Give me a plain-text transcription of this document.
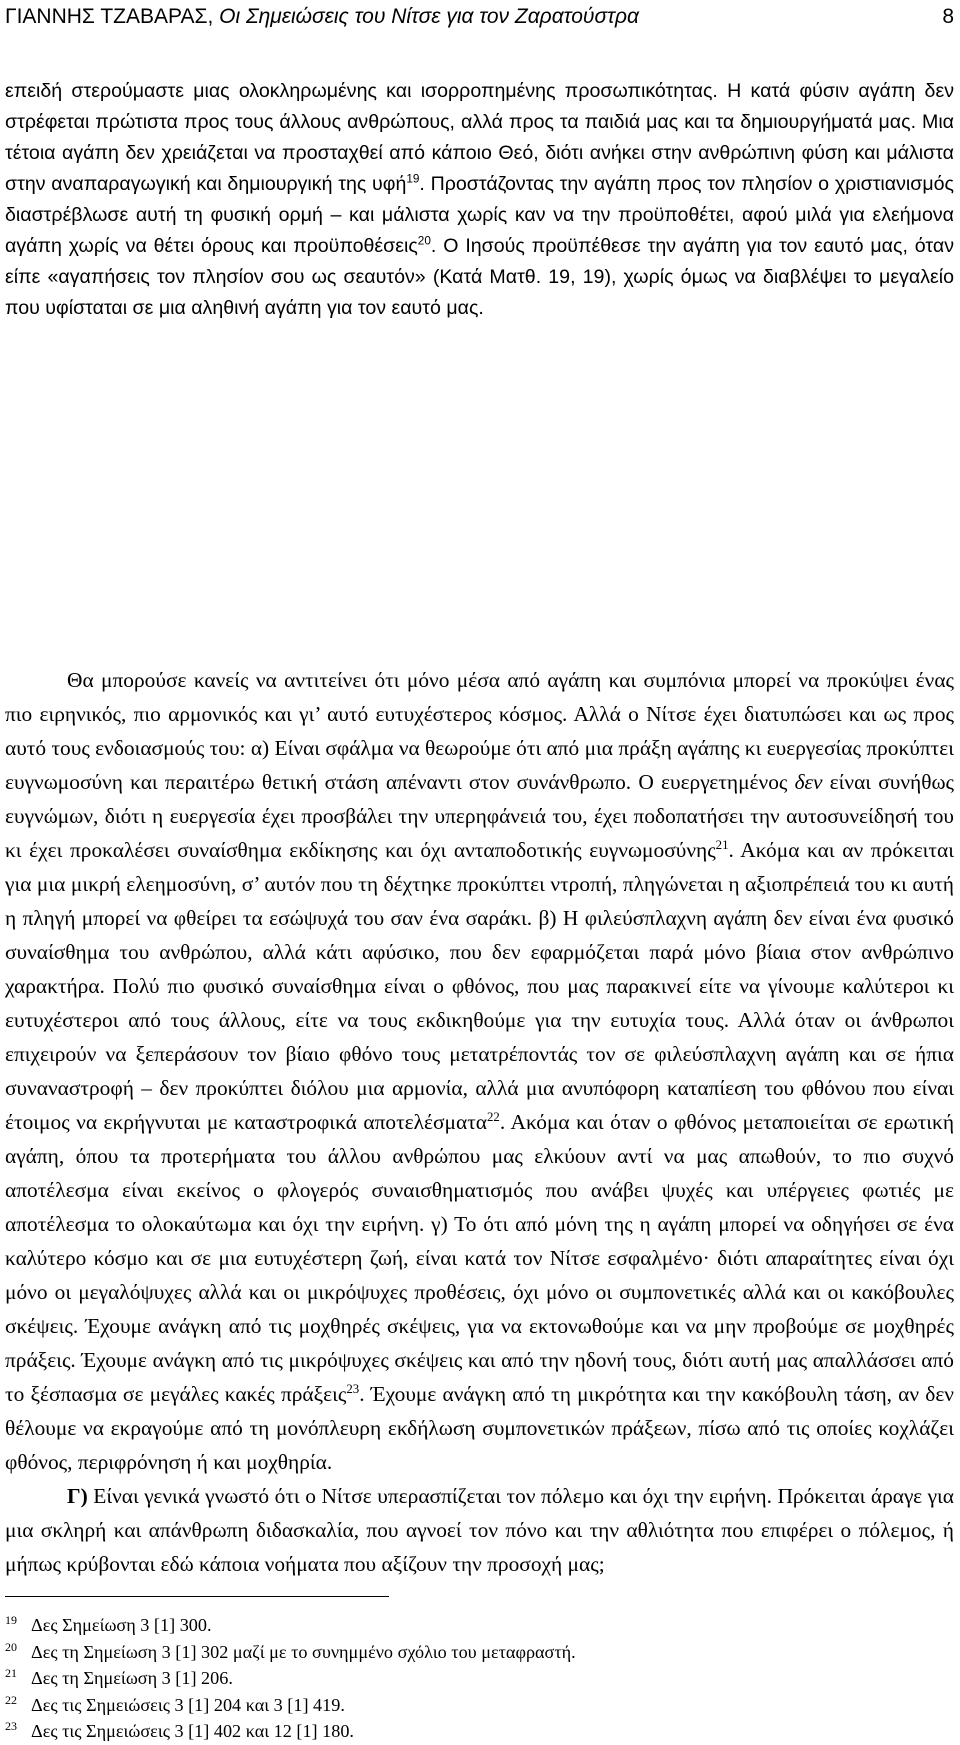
ΓΙΑΝΝΗΣ ΤΖΑΒΑΡΑΣ, Οι Σημειώσεις του Νίτσε για τον Ζαρατούστρα	8

επειδή στερούμαστε μιας ολοκληρωμένης και ισορροπημένης προσωπικότητας. Η κατά φύσιν αγάπη δεν στρέφεται πρώτιστα προς τους άλλους ανθρώπους, αλλά προς τα παιδιά μας και τα δημιουργήματά μας. Μια τέτοια αγάπη δεν χρειάζεται να προσταχθεί από κάποιο Θεό, διότι ανήκει στην ανθρώπινη φύση και μάλιστα στην αναπαραγωγική και δημιουργική της υφή$^{19}$. Προστάζοντας την αγάπη προς τον πλησίον ο χριστιανισμός διαστρέβλωσε αυτή τη φυσική ορμή – και μάλιστα χωρίς καν να την προϋποθέτει, αφού μιλά για ελεήμονα αγάπη χωρίς να θέτει όρους και προϋποθέσεις$^{20}$. Ο Ιησούς προϋπέθεσε την αγάπη για τον εαυτό μας, όταν είπε «αγαπήσεις τον πλησίον σου ως σεαυτόν» (Κατά Ματθ. 19, 19), χωρίς όμως να διαβλέψει το μεγαλείο που υφίσταται σε μια αληθινή αγάπη για τον εαυτό μας.

Θα μπορούσε κανείς να αντιτείνει ότι μόνο μέσα από αγάπη και συμπόνια μπορεί να προκύψει ένας πιο ειρηνικός, πιο αρμονικός και γι’ αυτό ευτυχέστερος κόσμος. Αλλά ο Νίτσε έχει διατυπώσει και ως προς αυτό τους ενδοιασμούς του: α) Είναι σφάλμα να θεωρούμε ότι από μια πράξη αγάπης κι ευεργεσίας προκύπτει ευγνωμοσύνη και περαιτέρω θετική στάση απέναντι στον συνάνθρωπο. Ο ευεργετημένος δεν είναι συνήθως ευγνώμων, διότι η ευεργεσία έχει προσβάλει την υπερηφάνειά του, έχει ποδοπατήσει την αυτοσυνείδησή του κι έχει προκαλέσει συναίσθημα εκδίκησης και όχι ανταποδοτικής ευγνωμοσύνης$^{21}$. Ακόμα και αν πρόκειται για μια μικρή ελεημοσύνη, σ’ αυτόν που τη δέχτηκε προκύπτει ντροπή, πληγώνεται η αξιοπρέπειά του κι αυτή η πληγή μπορεί να φθείρει τα εσώψυχά του σαν ένα σαράκι. β) Η φιλεύσπλαχνη αγάπη δεν είναι ένα φυσικό συναίσθημα του ανθρώπου, αλλά κάτι αφύσικο, που δεν εφαρμόζεται παρά μόνο βίαια στον ανθρώπινο χαρακτήρα. Πολύ πιο φυσικό συναίσθημα είναι ο φθόνος, που μας παρακινεί είτε να γίνουμε καλύτεροι κι ευτυχέστεροι από τους άλλους, είτε να τους εκδικηθούμε για την ευτυχία τους. Αλλά όταν οι άνθρωποι επιχειρούν να ξεπεράσουν τον βίαιο φθόνο τους μετατρέποντάς τον σε φιλεύσπλαχνη αγάπη και σε ήπια συναναστροφή – δεν προκύπτει διόλου μια αρμονία, αλλά μια ανυπόφορη καταπίεση του φθόνου που είναι έτοιμος να εκρήγνυται με καταστροφικά αποτελέσματα$^{22}$. Ακόμα και όταν ο φθόνος μεταποιείται σε ερωτική αγάπη, όπου τα προτερήματα του άλλου ανθρώπου μας ελκύουν αντί να μας απωθούν, το πιο συχνό αποτέλεσμα είναι εκείνος ο φλογερός συναισθηματισμός που ανάβει ψυχές και υπέργειες φωτιές με αποτέλεσμα το ολοκαύτωμα και όχι την ειρήνη. γ) Το ότι από μόνη της η αγάπη μπορεί να οδηγήσει σε ένα καλύτερο κόσμο και σε μια ευτυχέστερη ζωή, είναι κατά τον Νίτσε εσφαλμένο· διότι απαραίτητες είναι όχι μόνο οι μεγαλόψυχες αλλά και οι μικρόψυχες προθέσεις, όχι μόνο οι συμπονετικές αλλά και οι κακόβουλες σκέψεις. Έχουμε ανάγκη από τις μοχθηρές σκέψεις, για να εκτονωθούμε και να μην προβούμε σε μοχθηρές πράξεις. Έχουμε ανάγκη από τις μικρόψυχες σκέψεις και από την ηδονή τους, διότι αυτή μας απαλλάσσει από το ξέσπασμα σε μεγάλες κακές πράξεις$^{23}$. Έχουμε ανάγκη από τη μικρότητα και την κακόβουλη τάση, αν δεν θέλουμε να εκραγούμε από τη μονόπλευρη εκδήλωση συμπονετικών πράξεων, πίσω από τις οποίες κοχλάζει φθόνος, περιφρόνηση ή και μοχθηρία.

Γ) Είναι γενικά γνωστό ότι ο Νίτσε υπερασπίζεται τον πόλεμο και όχι την ειρήνη. Πρόκειται άραγε για μια σκληρή και απάνθρωπη διδασκαλία, που αγνοεί τον πόνο και την αθλιότητα που επιφέρει ο πόλεμος, ή μήπως κρύβονται εδώ κάποια νοήματα που αξίζουν την προσοχή μας;

19 Δες Σημείωση 3 [1] 300.
20 Δες τη Σημείωση 3 [1] 302 μαζί με το συνημμένο σχόλιο του μεταφραστή.
21 Δες τη Σημείωση 3 [1] 206.
22 Δες τις Σημειώσεις 3 [1] 204 και 3 [1] 419.
23 Δες τις Σημειώσεις 3 [1] 402 και 12 [1] 180.
